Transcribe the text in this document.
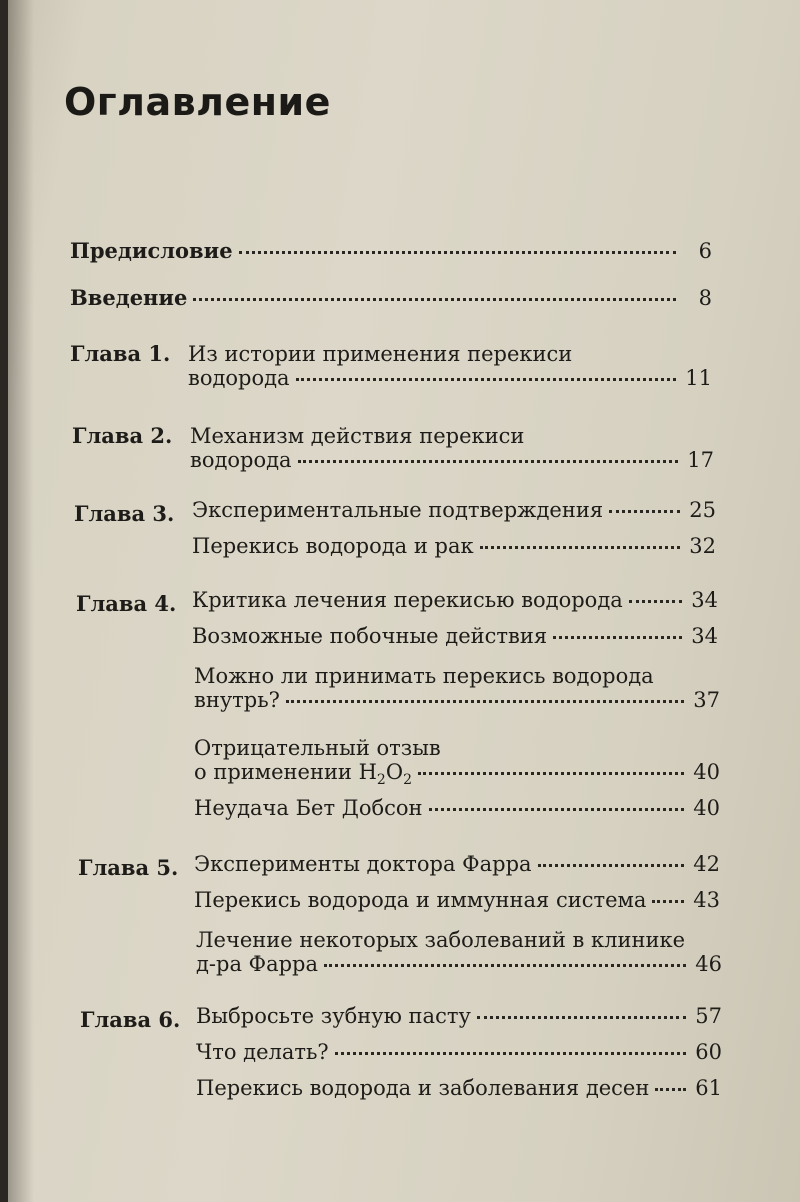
Оглавление
Предисловие	6
Введение	8
Глава 1. Из истории применения перекиси
водорода	11
Глава 2. Механизм действия перекиси
водорода	17
Глава 3. Экспериментальные подтверждения	25
Перекись водорода и рак	32
Глава 4. Критика лечения перекисью водорода	34
Возможные побочные действия	34
Можно ли принимать перекись водорода
внутрь?	37
Отрицательный отзыв
о применении $H_2O_2$	40
Неудача Бет Добсон	40
Глава 5. Эксперименты доктора Фарра	42
Перекись водорода и иммунная система 43
Лечение некоторых заболеваний в клинике
д-ра Фарра	46
Глава 6. Выбросьте зубную пасту	57
Что делать?	60
Перекись водорода и заболевания десен 61
